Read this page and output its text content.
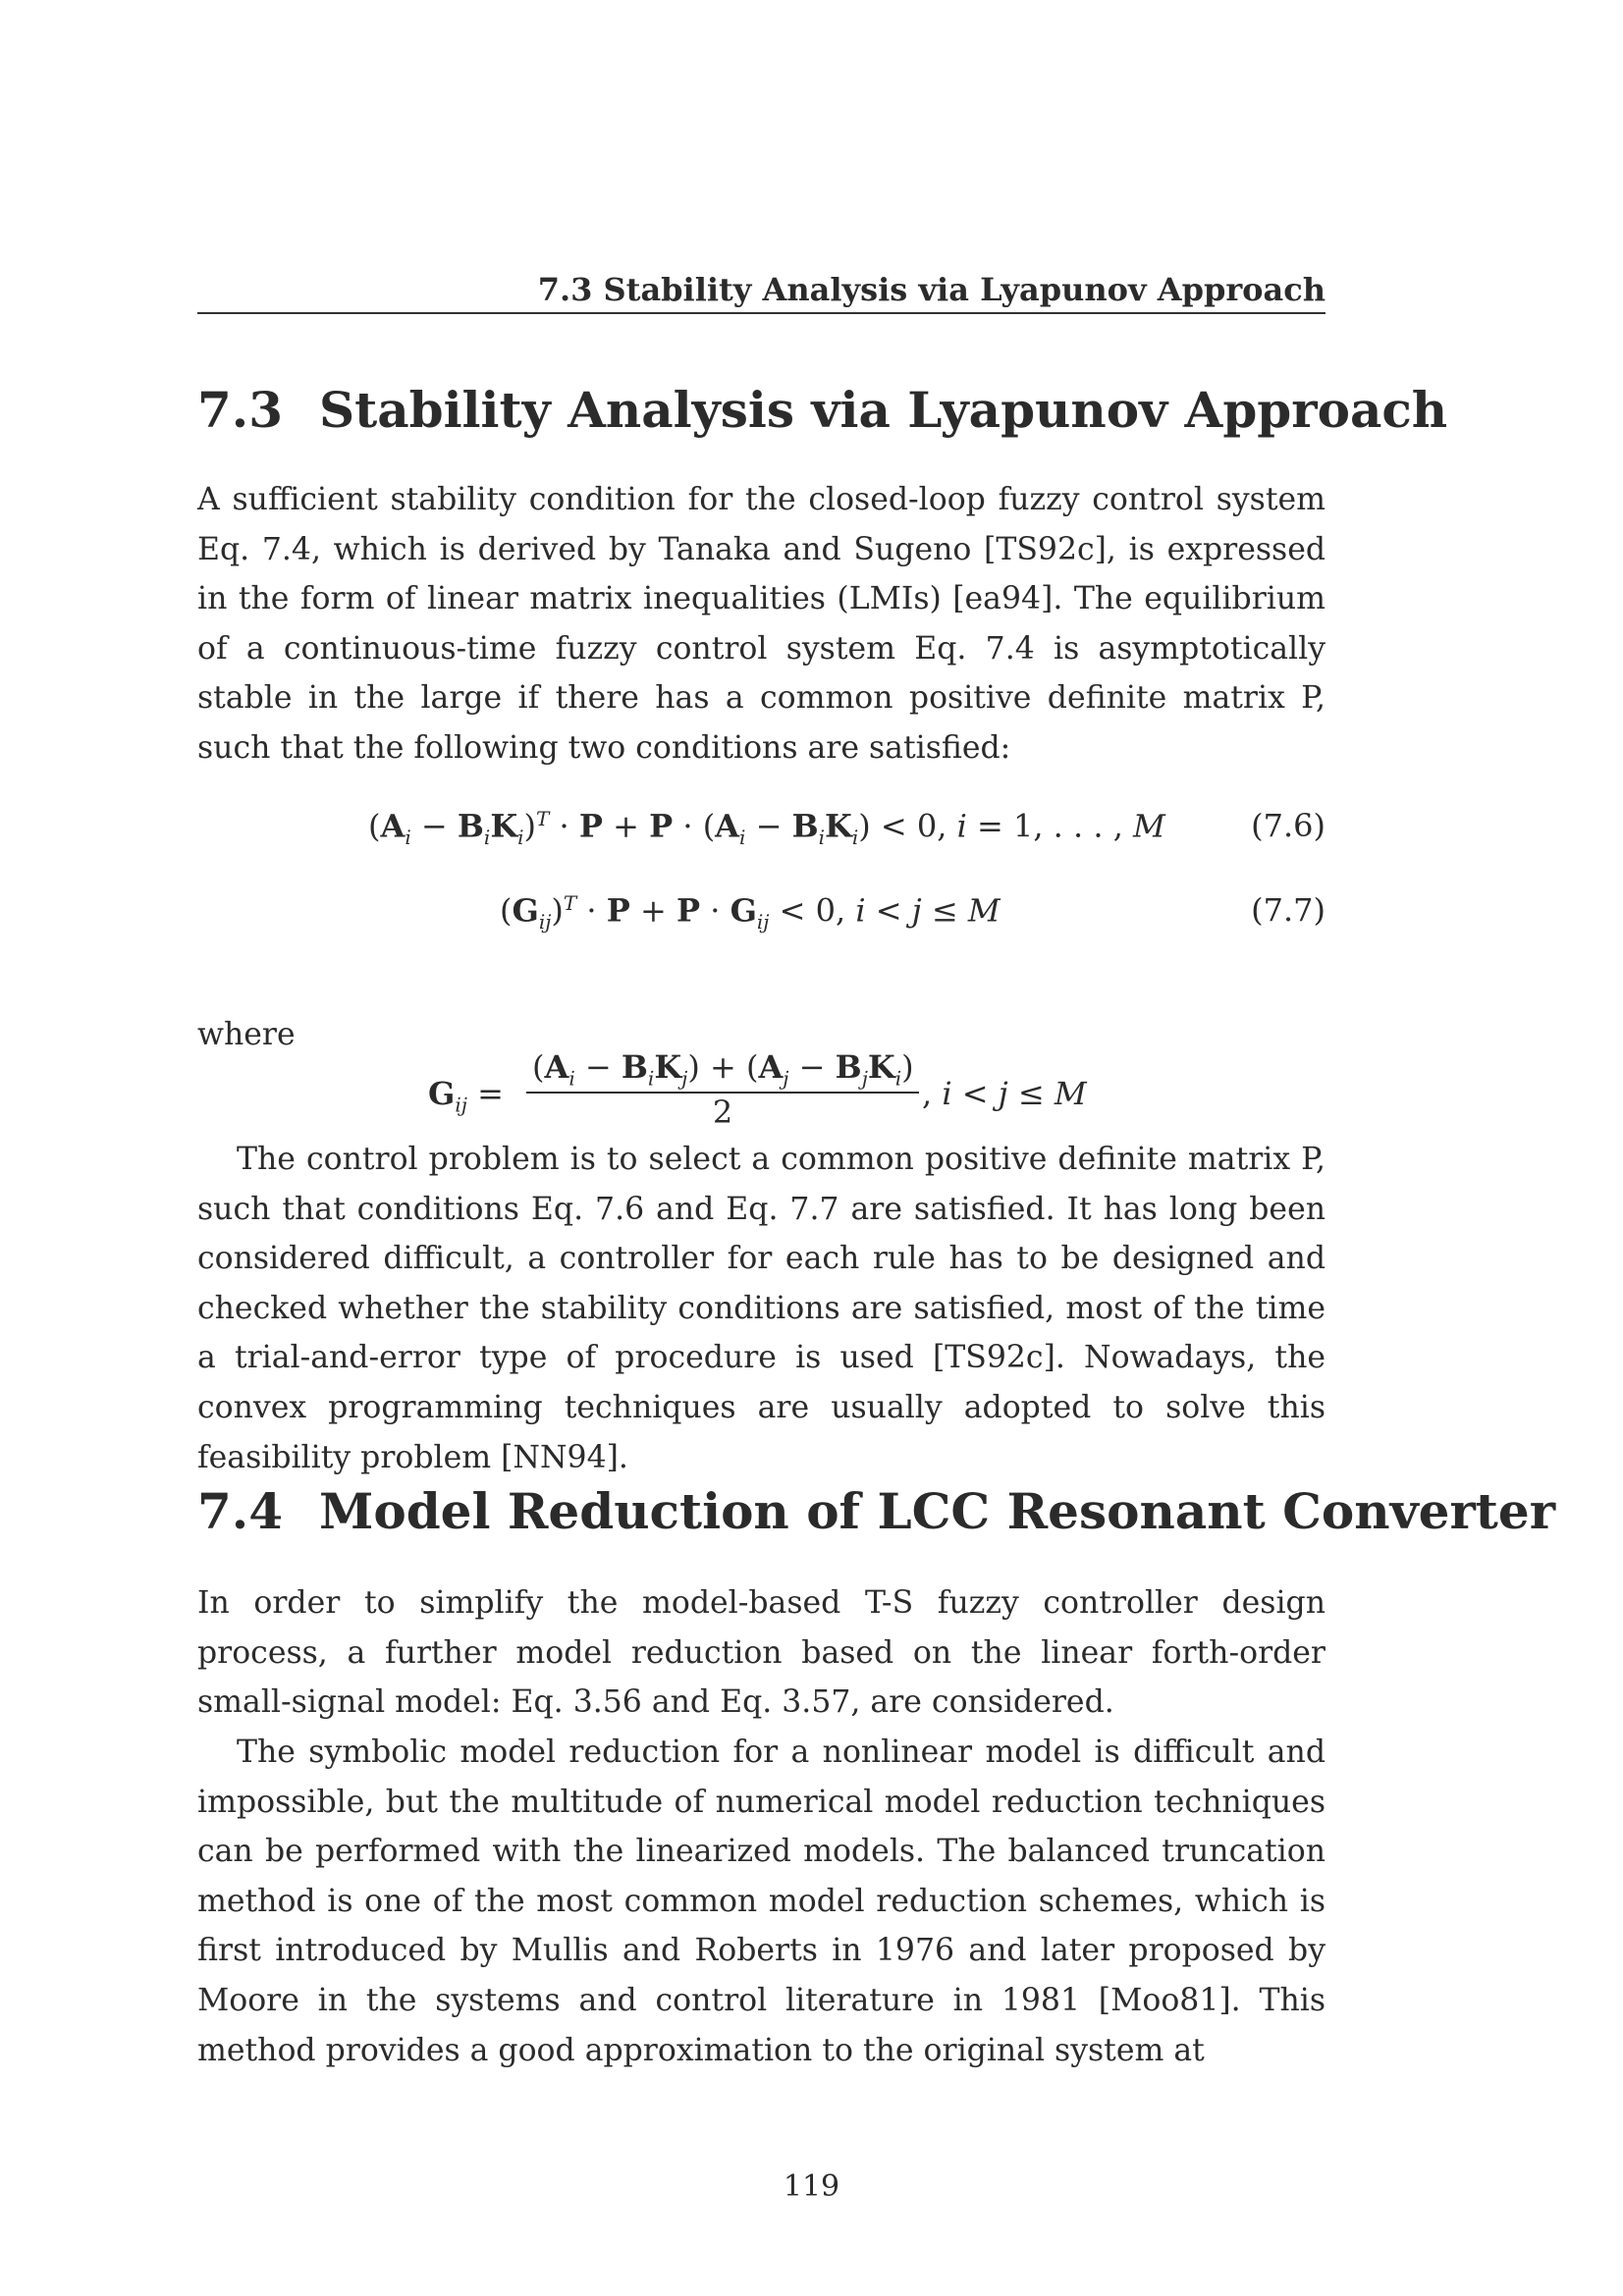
7.3 Stability Analysis via Lyapunov Approach
7.3 Stability Analysis via Lyapunov Approach

A sufficient stability condition for the closed-loop fuzzy control system Eq. 7.4, which is derived by Tanaka and Sugeno [TS92c], is expressed in the form of linear matrix inequalities (LMIs) [ea94]. The equilibrium of a continuous-time fuzzy control system Eq. 7.4 is asymptotically stable in the large if there has a common positive definite matrix P, such that the following two conditions are satisfied:

$(A_i - B_iK_i)^T \cdot P + P \cdot (A_i - B_iK_i) < 0$, i = 1, . . . , M	(7.6)
$(G_{ij})^T \cdot P + P \cdot G_{ij} < 0$, i < j ≤ M	(7.7)
where
$G_{ij}$ =
$(A_i - B_iK_j) + (A_j - B_jK_i)$
2
, i < j ≤ M

The control problem is to select a common positive definite matrix P, such that conditions Eq. 7.6 and Eq. 7.7 are satisfied. It has long been considered difficult, a controller for each rule has to be designed and checked whether the stability conditions are satisfied, most of the time a trial-and-error type of procedure is used [TS92c]. Nowadays, the convex programming techniques are usually adopted to solve this feasibility problem [NN94].

7.4 Model Reduction of LCC Resonant Converter

In order to simplify the model-based T-S fuzzy controller design process, a further model reduction based on the linear forth-order small-signal model: Eq. 3.56 and Eq. 3.57, are considered.

The symbolic model reduction for a nonlinear model is difficult and impossible, but the multitude of numerical model reduction techniques can be performed with the linearized models. The balanced truncation method is one of the most common model reduction schemes, which is first introduced by Mullis and Roberts in 1976 and later proposed by Moore in the systems and control literature in 1981 [Moo81]. This method provides a good approximation to the original system at

119
